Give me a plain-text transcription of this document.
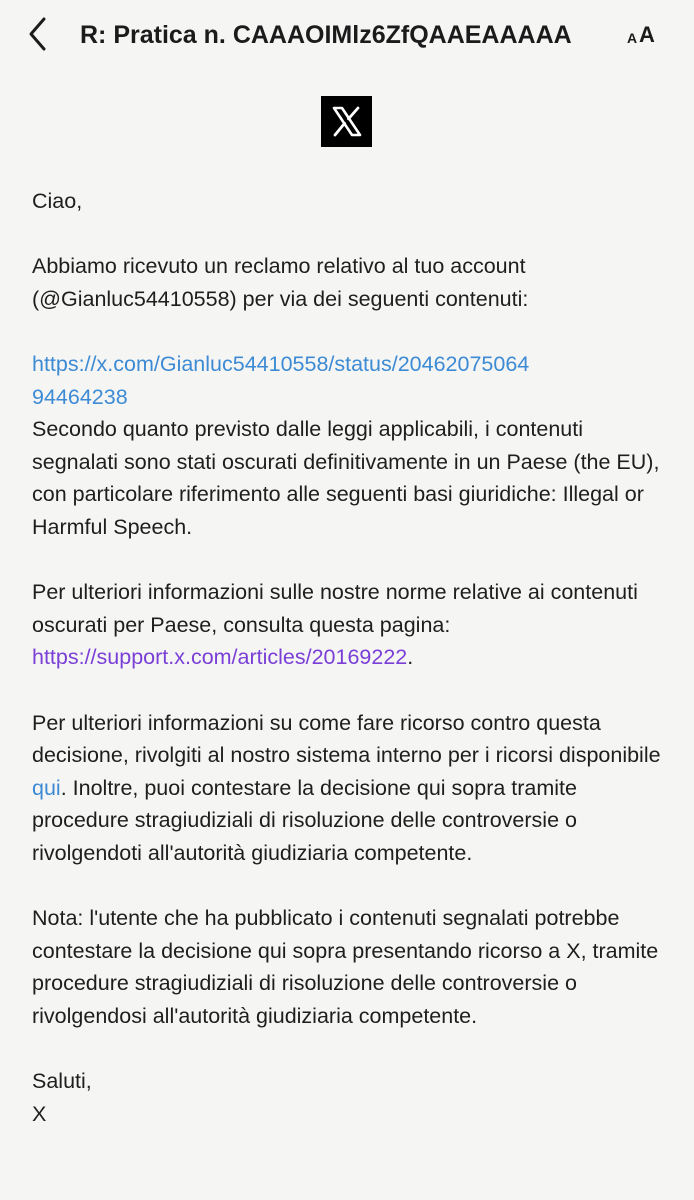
R: Pratica n. CAAAOIMlz6ZfQAAEAAAAA	A A

Ciao,

Abbiamo ricevuto un reclamo relativo al tuo account (@Gianluc54410558) per via dei seguenti contenuti:

https://x.com/Gianluc54410558/status/20462075064
94464238

Secondo quanto previsto dalle leggi applicabili, i contenuti segnalati sono stati oscurati definitivamente in un Paese (the EU), con particolare riferimento alle seguenti basi giuridiche: Illegal or Harmful Speech.

Per ulteriori informazioni sulle nostre norme relative ai contenuti oscurati per Paese, consulta questa pagina:
https://support.x.com/articles/20169222.

Per ulteriori informazioni su come fare ricorso contro questa decisione, rivolgiti al nostro sistema interno per i ricorsi disponibile qui. Inoltre, puoi contestare la decisione qui sopra tramite procedure stragiudiziali di risoluzione delle controversie o rivolgendoti all'autorità giudiziaria competente.

Nota: l'utente che ha pubblicato i contenuti segnalati potrebbe contestare la decisione qui sopra presentando ricorso a X, tramite procedure stragiudiziali di risoluzione delle controversie o rivolgendosi all'autorità giudiziaria competente.

Saluti,

X
